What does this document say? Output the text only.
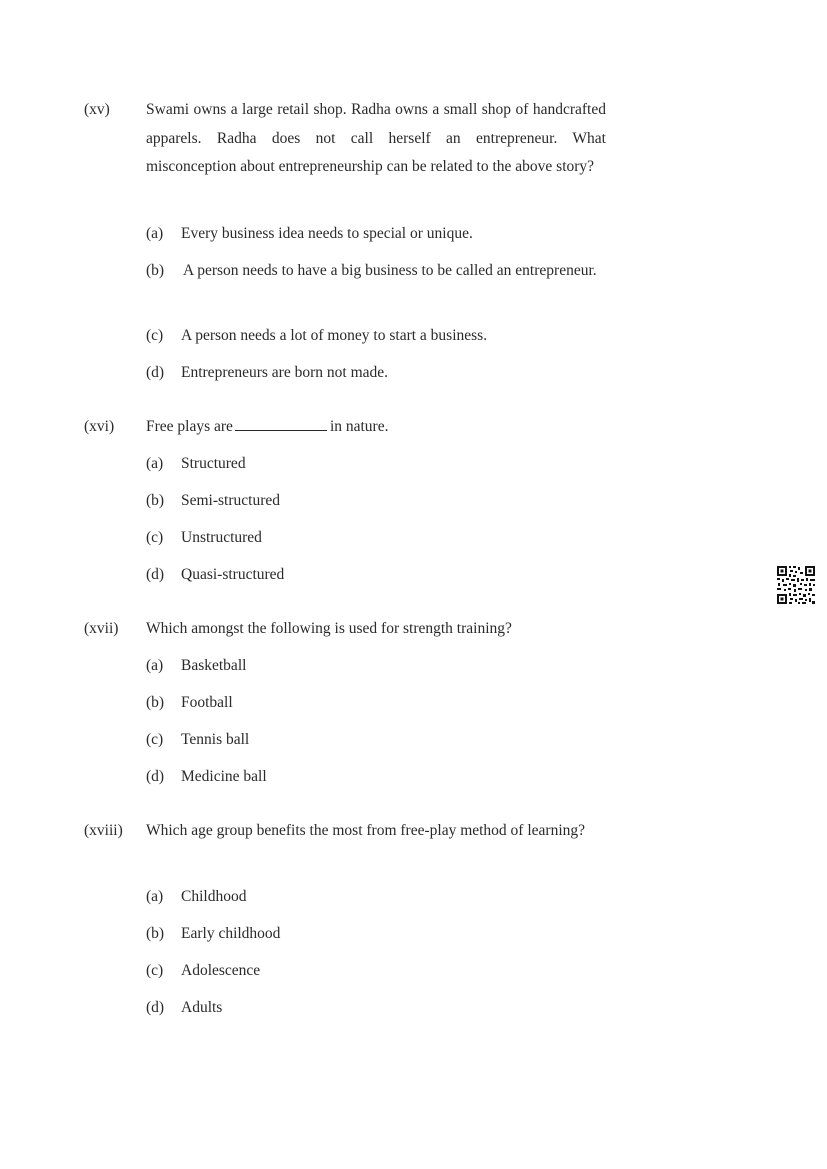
(xv) Swami owns a large retail shop. Radha owns a small shop of handcrafted apparels. Radha does not call herself an entrepreneur. What misconception about entrepreneurship can be related to the above story?
(a) Every business idea needs to special or unique.
(b) A person needs to have a big business to be called an entrepreneur.
(c) A person needs a lot of money to start a business.
(d) Entrepreneurs are born not made.
(xvi) Free plays are	in nature.
(a) Structured
(b) Semi-structured
(c) Unstructured
(d) Quasi-structured
(xvii) Which amongst the following is used for strength training?
(a) Basketball
(b) Football
(c) Tennis ball
(d) Medicine ball
(xviii) Which age group benefits the most from free-play method of learning?
(a) Childhood
(b) Early childhood
(c) Adolescence
(d) Adults
